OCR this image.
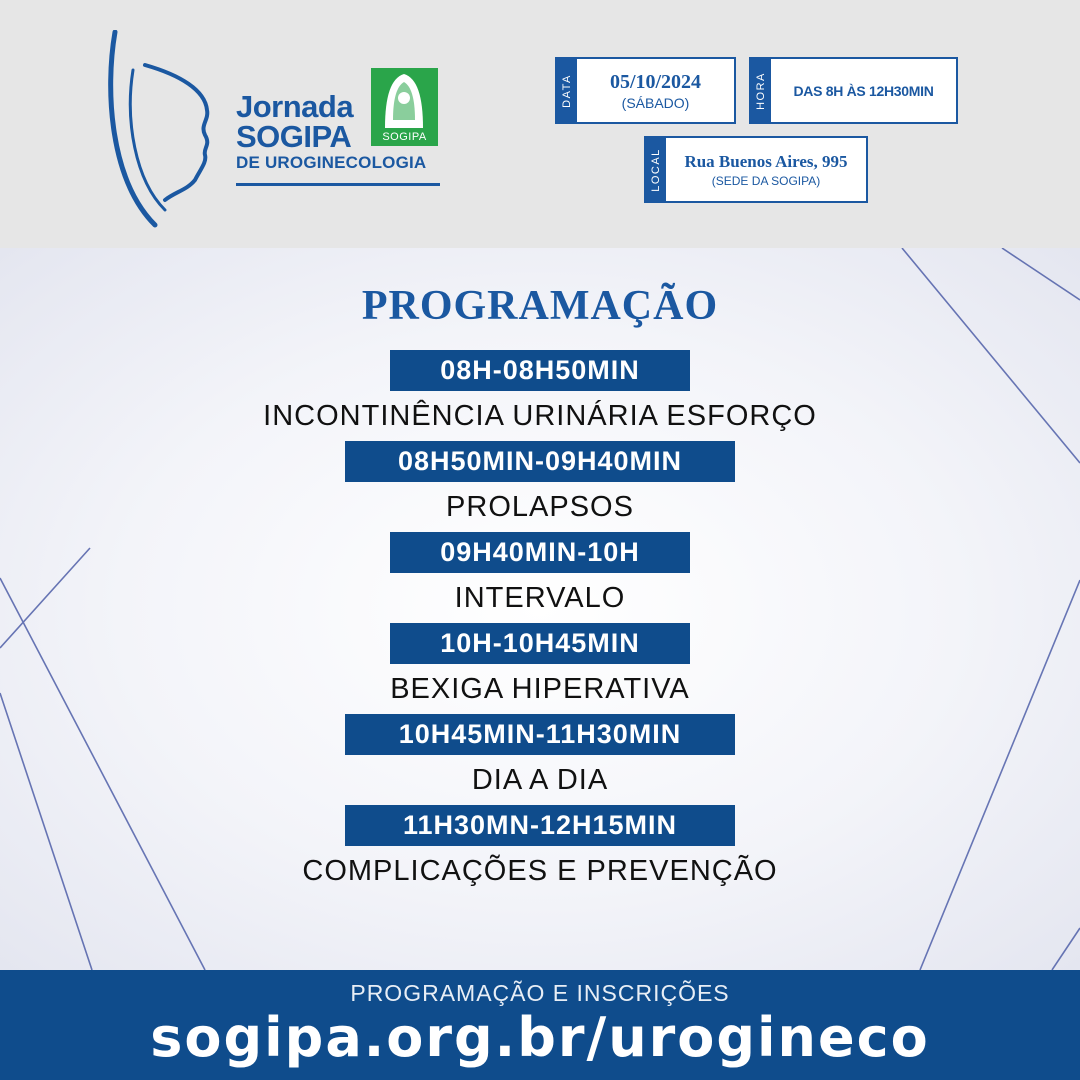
Jornada
SOGIPA
DE UROGINECOLOGIA
SOGIPA
DATA 05/10/2024
(SÁBADO)	HORA DAS 8H ÀS 12H30MIN
LOCAL Rua Buenos Aires, 995
(SEDE DA SOGIPA)
PROGRAMAÇÃO
08H-08H50MIN
INCONTINÊNCIA URINÁRIA ESFORÇO
08H50MIN-09H40MIN
PROLAPSOS
09H40MIN-10H
INTERVALO
10H-10H45MIN
BEXIGA HIPERATIVA
10H45MIN-11H30MIN
DIA A DIA
11H30MN-12H15MIN
COMPLICAÇÕES E PREVENÇÃO
PROGRAMAÇÃO E INSCRIÇÕES
sogipa.org.br/urogineco
